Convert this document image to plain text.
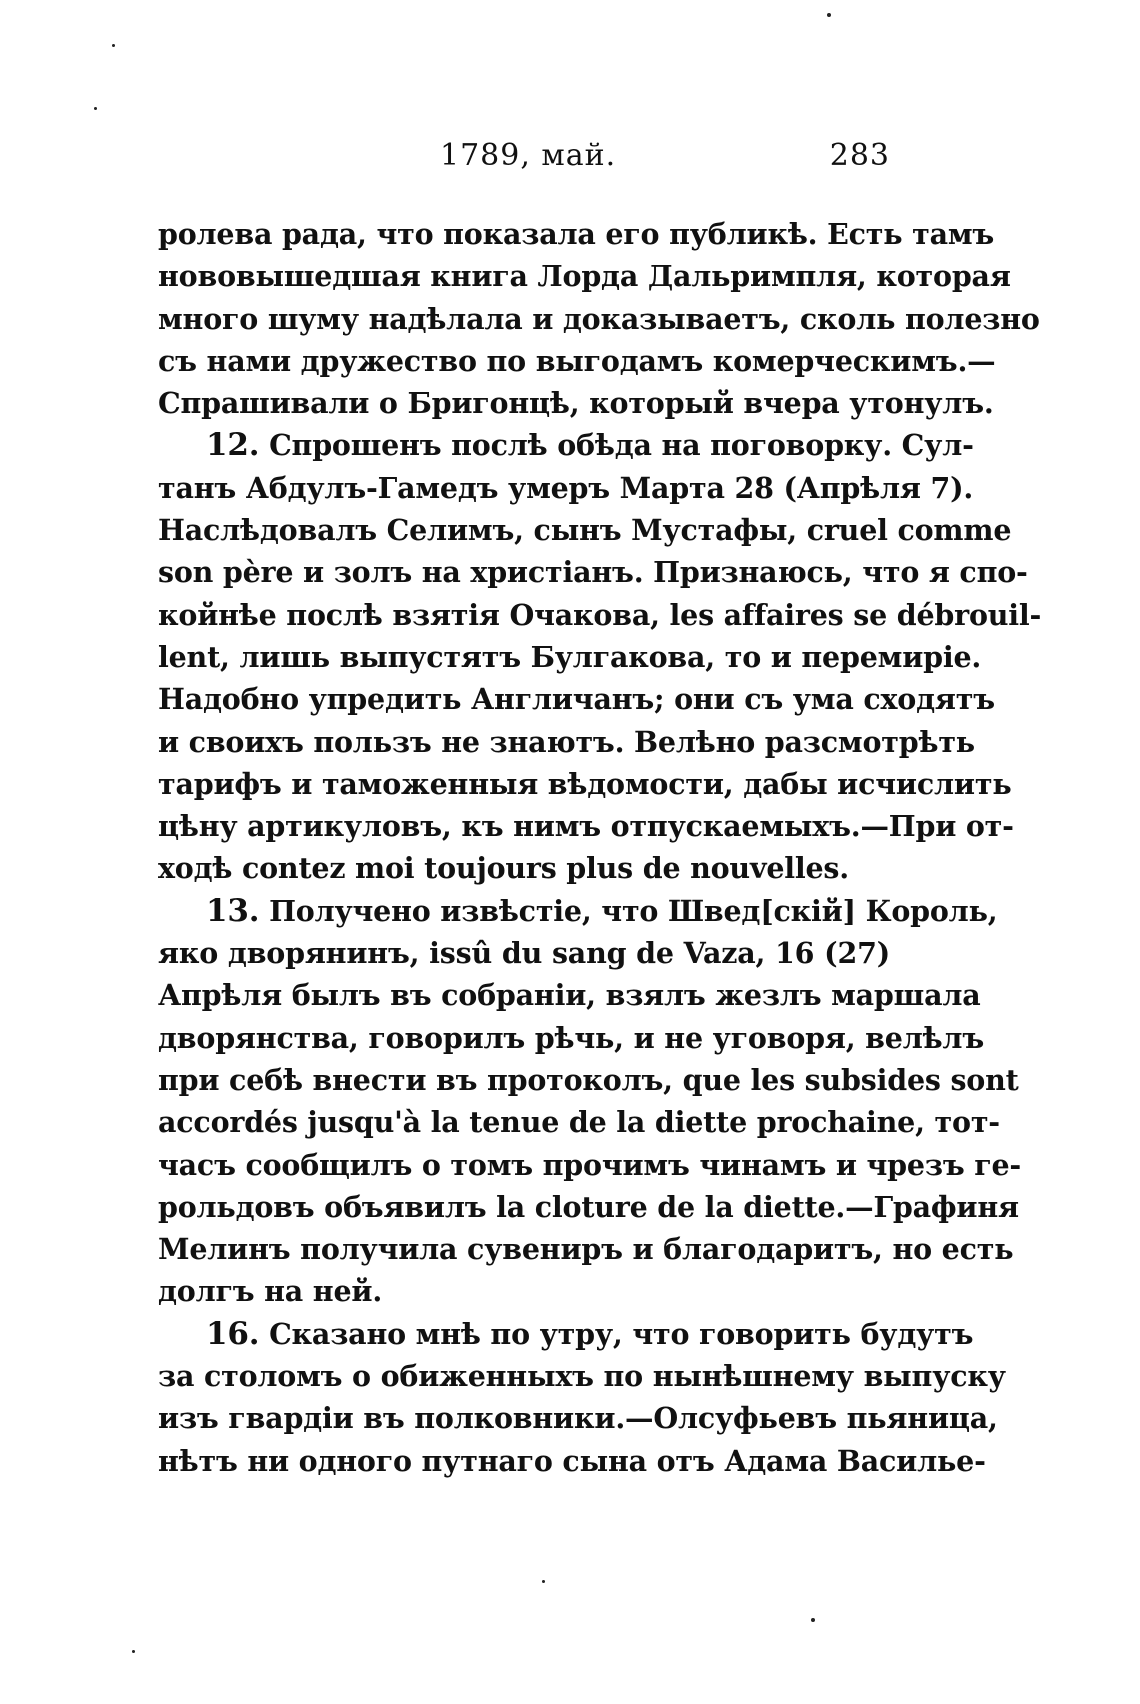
1789, май.	283
ролева рада, что показала его публикѣ. Есть тамъ
нововышедшая книга Лорда Дальримпля, которая
много шуму надѣлала и доказываетъ, сколь полезно
съ нами дружество по выгодамъ комерческимъ.—
Спрашивали о Бригонцѣ, который вчера утонулъ.
12. Спрошенъ послѣ обѣда на поговорку. Сул-
танъ Абдулъ-Гамедъ умеръ Марта 28 (Апрѣля 7).
Наслѣдовалъ Селимъ, сынъ Мустафы, cruel comme
son père и золъ на христіанъ. Признаюсь, что я спо-
койнѣе послѣ взятія Очакова, les affaires se débrouil-
lent, лишь выпустятъ Булгакова, то и перемиріе.
Надобно упредить Англичанъ; они съ ума сходятъ
и своихъ пользъ не знаютъ. Велѣно разсмотрѣть
тарифъ и таможенныя вѣдомости, дабы исчислить
цѣну артикуловъ, къ нимъ отпускаемыхъ.—При от-
ходѣ contez moi toujours plus de nouvelles.
13. Получено извѣстіе, что Швед[скій] Король,
яко дворянинъ, issû du sang de Vaza, 16 (27)
Апрѣля былъ въ собраніи, взялъ жезлъ маршала
дворянства, говорилъ рѣчь, и не уговоря, велѣлъ
при себѣ внести въ протоколъ, que les subsides sont
accordés jusqu'à la tenue de la diette prochaine, тот-
часъ сообщилъ о томъ прочимъ чинамъ и чрезъ ге-
рольдовъ объявилъ la cloture de la diette.—Графиня
Мелинъ получила сувениръ и благодаритъ, но есть
долгъ на ней.
16. Сказано мнѣ по утру, что говорить будутъ
за столомъ о обиженныхъ по нынѣшнему выпуску
изъ гвардіи въ полковники.—Олсуфьевъ пьяница,
нѣтъ ни одного путнаго сына отъ Адама Василье-
